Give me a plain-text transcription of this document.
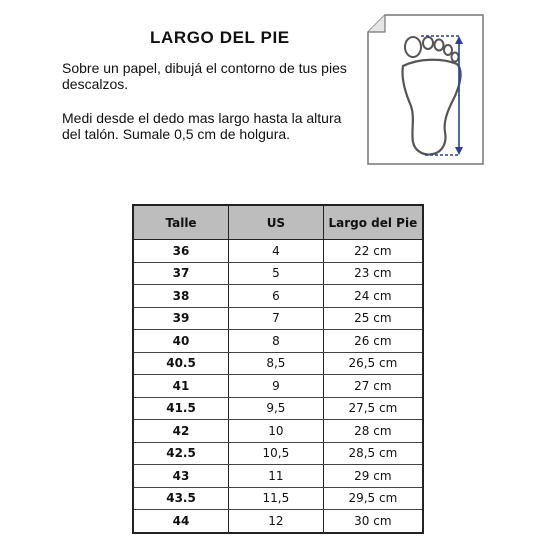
LARGO DEL PIE
Sobre un papel, dibujá el contorno de tus pies descalzos.
Medi desde el dedo mas largo hasta la altura del talón. Sumale 0,5 cm de holgura.
Talle	US	Largo del Pie
36	4	22 cm
37	5	23 cm
38	6	24 cm
39	7	25 cm
40	8	26 cm
40.5	8,5	26,5 cm
41	9	27 cm
41.5	9,5	27,5 cm
42	10	28 cm
42.5	10,5	28,5 cm
43	11	29 cm
43.5	11,5	29,5 cm
44	12	30 cm
